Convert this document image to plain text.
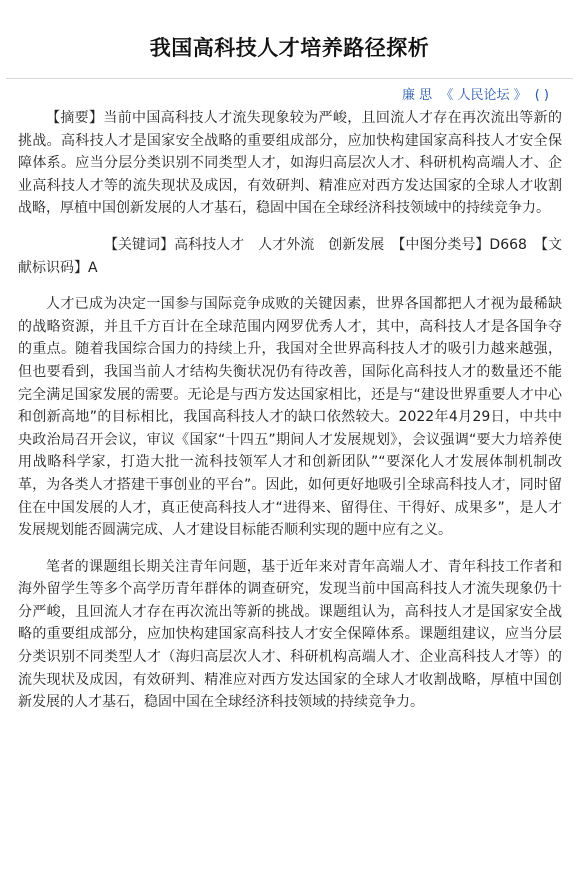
我国高科技人才培养路径探析
廉 思 《 人民论坛 》 ( )

【摘要】当前中国高科技人才流失现象较为严峻，且回流人才存在再次流出等新的挑战。高科技人才是国家安全战略的重要组成部分，应加快构建国家高科技人才安全保障体系。应当分层分类识别不同类型人才，如海归高层次人才、科研机构高端人才、企业高科技人才等的流失现状及成因，有效研判、精准应对西方发达国家的全球人才收割战略，厚植中国创新发展的人才基石，稳固中国在全球经济科技领域中的持续竞争力。

【关键词】高科技人才　人才外流　创新发展　【中图分类号】D668　【文献标识码】A

人才已成为决定一国参与国际竞争成败的关键因素，世界各国都把人才视为最稀缺的战略资源，并且千方百计在全球范围内网罗优秀人才，其中，高科技人才是各国争夺的重点。随着我国综合国力的持续上升，我国对全世界高科技人才的吸引力越来越强，但也要看到，我国当前人才结构失衡状况仍有待改善，国际化高科技人才的数量还不能完全满足国家发展的需要。无论是与西方发达国家相比，还是与“建设世界重要人才中心和创新高地”的目标相比，我国高科技人才的缺口依然较大。2022年4月29日，中共中央政治局召开会议，审议《国家“十四五”期间人才发展规划》，会议强调“要大力培养使用战略科学家，打造大批一流科技领军人才和创新团队”“要深化人才发展体制机制改革，为各类人才搭建干事创业的平台”。因此，如何更好地吸引全球高科技人才，同时留住在中国发展的人才，真正使高科技人才“进得来、留得住、干得好、成果多”，是人才发展规划能否圆满完成、人才建设目标能否顺利实现的题中应有之义。

笔者的课题组长期关注青年问题，基于近年来对青年高端人才、青年科技工作者和海外留学生等多个高学历青年群体的调查研究，发现当前中国高科技人才流失现象仍十分严峻，且回流人才存在再次流出等新的挑战。课题组认为，高科技人才是国家安全战略的重要组成部分，应加快构建国家高科技人才安全保障体系。课题组建议，应当分层分类识别不同类型人才（海归高层次人才、科研机构高端人才、企业高科技人才等）的流失现状及成因，有效研判、精准应对西方发达国家的全球人才收割战略，厚植中国创新发展的人才基石，稳固中国在全球经济科技领域的持续竞争力。
